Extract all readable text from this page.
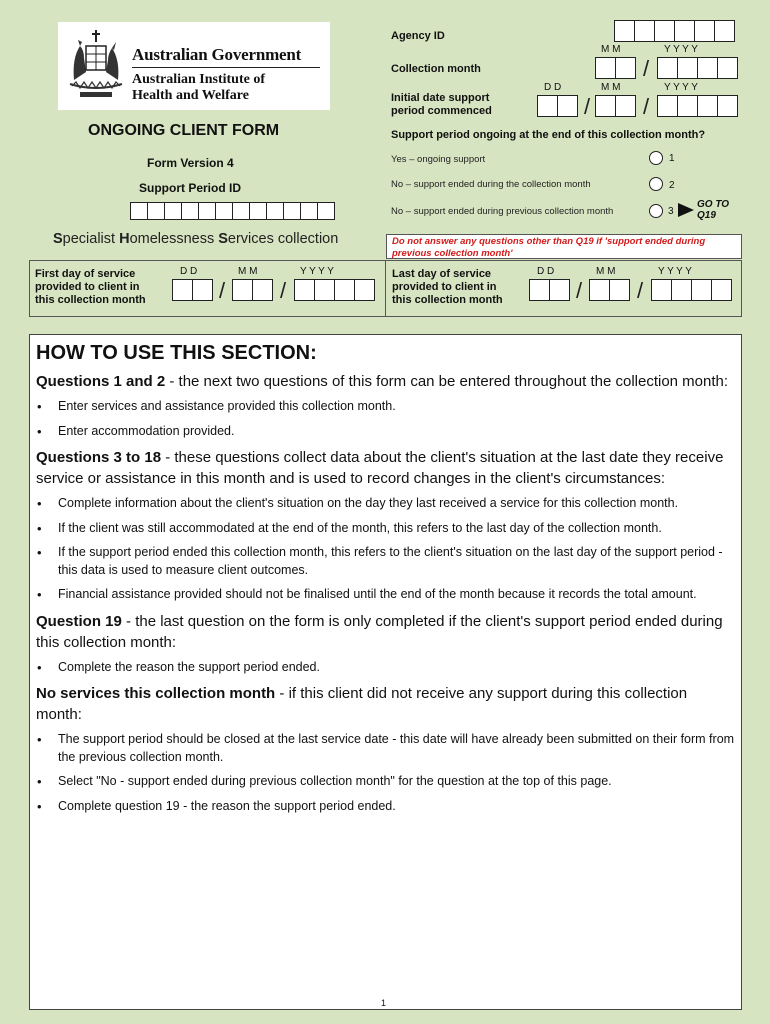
Australian Government
Australian Institute of
Health and Welfare
ONGOING CLIENT FORM
Form Version 4
Support Period ID
Specialist Homelessness Services collection
Agency ID
M M	Y Y Y Y
Collection month	/
D D	M M	Y Y Y Y
Initial date support
period commenced	/ /
Support period ongoing at the end of this collection month?
Yes – ongoing support	1
No – support ended during the collection month	2
No – support ended during previous collection month	3
GO TO
Q19
Do not answer any questions other than Q19 if 'support ended during
previous collection month'
First day of service
provided to client in
this collection month
D D	M M	Y Y Y Y
/ /
Last day of service
provided to client in
this collection month
D D	M M	Y Y Y Y
/ /
HOW TO USE THIS SECTION:

Questions 1 and 2 - the next two questions of this form can be entered throughout the collection month:

• Enter services and assistance provided this collection month.
• Enter accommodation provided.

Questions 3 to 18 - these questions collect data about the client's situation at the last date they receive service or assistance in this month and is used to record changes in the client's circumstances:

• Complete information about the client's situation on the day they last received a service for this collection month.
• If the client was still accommodated at the end of the month, this refers to the last day of the collection month.
• If the support period ended this collection month, this refers to the client's situation on the last day of the support period - this data is used to measure client outcomes.
• Financial assistance provided should not be finalised until the end of the month because it records the total amount.

Question 19 - the last question on the form is only completed if the client's support period ended during this collection month:

• Complete the reason the support period ended.

No services this collection month - if this client did not receive any support during this collection month:

• The support period should be closed at the last service date - this date will have already been submitted on their form from the previous collection month.
• Select "No - support ended during previous collection month" for the question at the top of this page.
• Complete question 19 - the reason the support period ended.
1
